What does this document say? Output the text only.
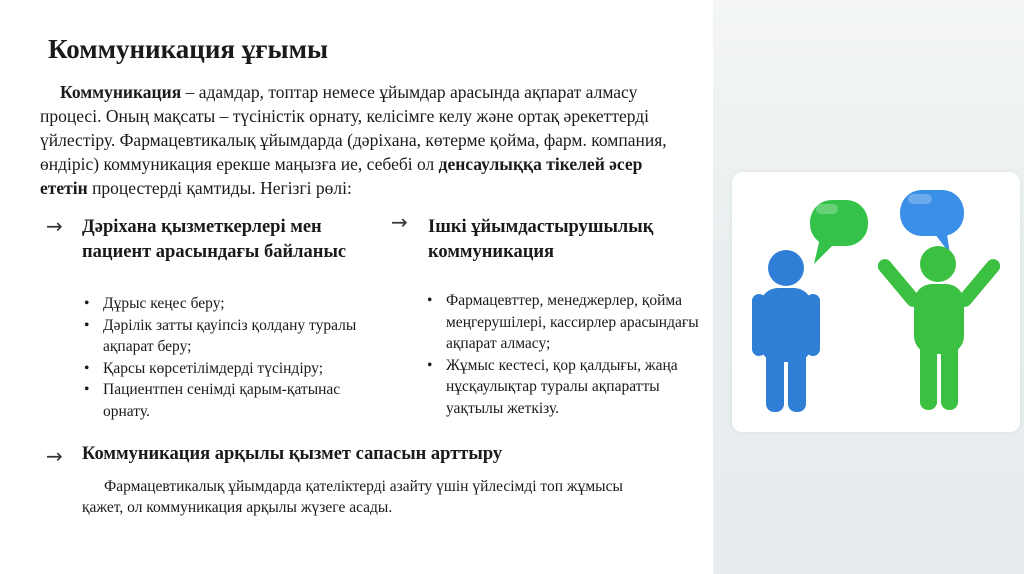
Коммуникация ұғымы
Коммуникация – адамдар, топтар немесе ұйымдар арасында ақпарат алмасу процесі. Оның мақсаты – түсіністік орнату, келісімге келу және ортақ әрекеттерді үйлестіру. Фармацевтикалық ұйымдарда (дәріхана, көтерме қойма, фарм. компания, өндіріс) коммуникация ерекше маңызға ие, себебі ол денсаулыққа тікелей әсер ететін процестерді қамтиды. Негізгі рөлі:
→ Дәріхана қызметкерлері мен пациент арасындағы байланыс
• Дұрыс кеңес беру;
• Дәрілік затты қауіпсіз қолдану туралы ақпарат беру;
• Қарсы көрсетілімдерді түсіндіру;
• Пациентпен сенімді қарым-қатынас орнату.
→ Ішкі ұйымдастырушылық коммуникация
• Фармацевттер, менеджерлер, қойма меңгерушілері, кассирлер арасындағы ақпарат алмасу;
• Жұмыс кестесі, қор қалдығы, жаңа нұсқаулықтар туралы ақпаратты уақтылы жеткізу.
→ Коммуникация арқылы қызмет сапасын арттыру
Фармацевтикалық ұйымдарда қателіктерді азайту үшін үйлесімді топ жұмысы қажет, ол коммуникация арқылы жүзеге асады.
